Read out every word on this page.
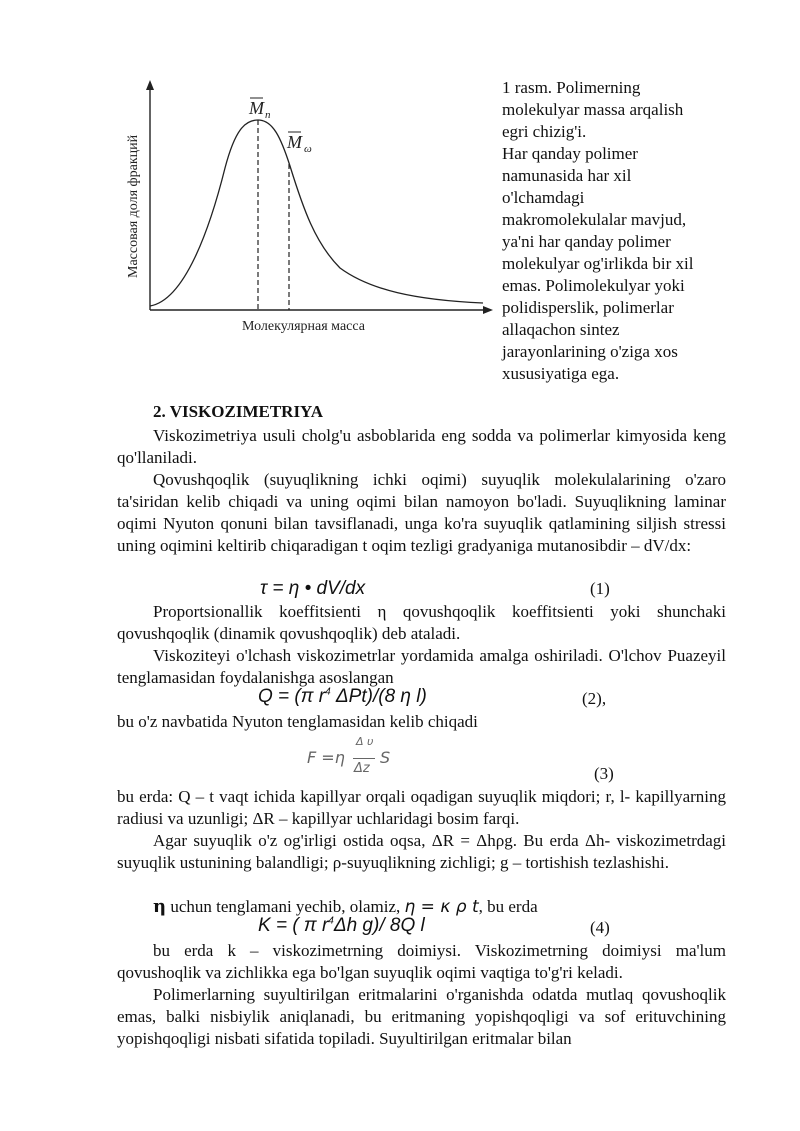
M n
M ω
Массовая доля фракций
Молекулярная масса
1 rasm. Polimerning
molekulyar massa arqalish
egri chizig'i.
Har qanday polimer
namunasida har xil
o'lchamdagi
makromolekulalar mavjud,
ya'ni har qanday polimer
molekulyar og'irlikda bir xil
emas. Polimolekulyar yoki
polidisperslik, polimerlar
allaqachon sintez
jarayonlarining o'ziga xos
xususiyatiga ega.
2. VISKOZIMETRIYA
Viskozimetriya usuli cholg'u asboblarida eng sodda va polimerlar kimyosida keng qo'llaniladi.
Qovushqoqlik (suyuqlikning ichki oqimi) suyuqlik molekulalarining o'zaro ta'siridan kelib chiqadi va uning oqimi bilan namoyon bo'ladi. Suyuqlikning laminar oqimi Nyuton qonuni bilan tavsiflanadi, unga ko'ra suyuqlik qatlamining siljish stressi uning oqimini keltirib chiqaradigan t oqim tezligi gradyaniga mutanosibdir – dV/dx:
τ = η • dV/dx	(1)
Proportsionallik koeffitsienti η qovushqoqlik koeffitsienti yoki shunchaki qovushqoqlik (dinamik qovushqoqlik) deb ataladi.
Viskoziteyi o'lchash viskozimetrlar yordamida amalga oshiriladi. O'lchov Puazeyil tenglamasidan foydalanishga asoslangan
Q = (π $r^4$ ΔPt)/(8 η l)	(2),
bu o'z navbatida Nyuton tenglamasidan kelib chiqadi
F =η
Δ υ
Δz
S
(3)
bu erda: Q – t vaqt ichida kapillyar orqali oqadigan suyuqlik miqdori; r, l- kapillyarning radiusi va uzunligi; ΔR – kapillyar uchlaridagi bosim farqi.
Agar suyuqlik o'z og'irligi ostida oqsa, ΔR = Δhρg. Bu erda Δh- viskozimetrdagi suyuqlik ustunining balandligi; ρ-suyuqlikning zichligi; g – tortishish tezlashishi.
η uchun tenglamani yechib, olamiz, η = κ ρ t, bu erda
K = ( π $r^4\Delta h$ g)/ 8Q l	(4)
bu erda k – viskozimetrning doimiysi. Viskozimetrning doimiysi ma'lum qovushoqlik va zichlikka ega bo'lgan suyuqlik oqimi vaqtiga to'g'ri keladi.
Polimerlarning suyultirilgan eritmalarini o'rganishda odatda mutlaq qovushoqlik emas, balki nisbiylik aniqlanadi, bu eritmaning yopishqoqligi va sof erituvchining yopishqoqligi nisbati sifatida topiladi. Suyultirilgan eritmalar bilan
